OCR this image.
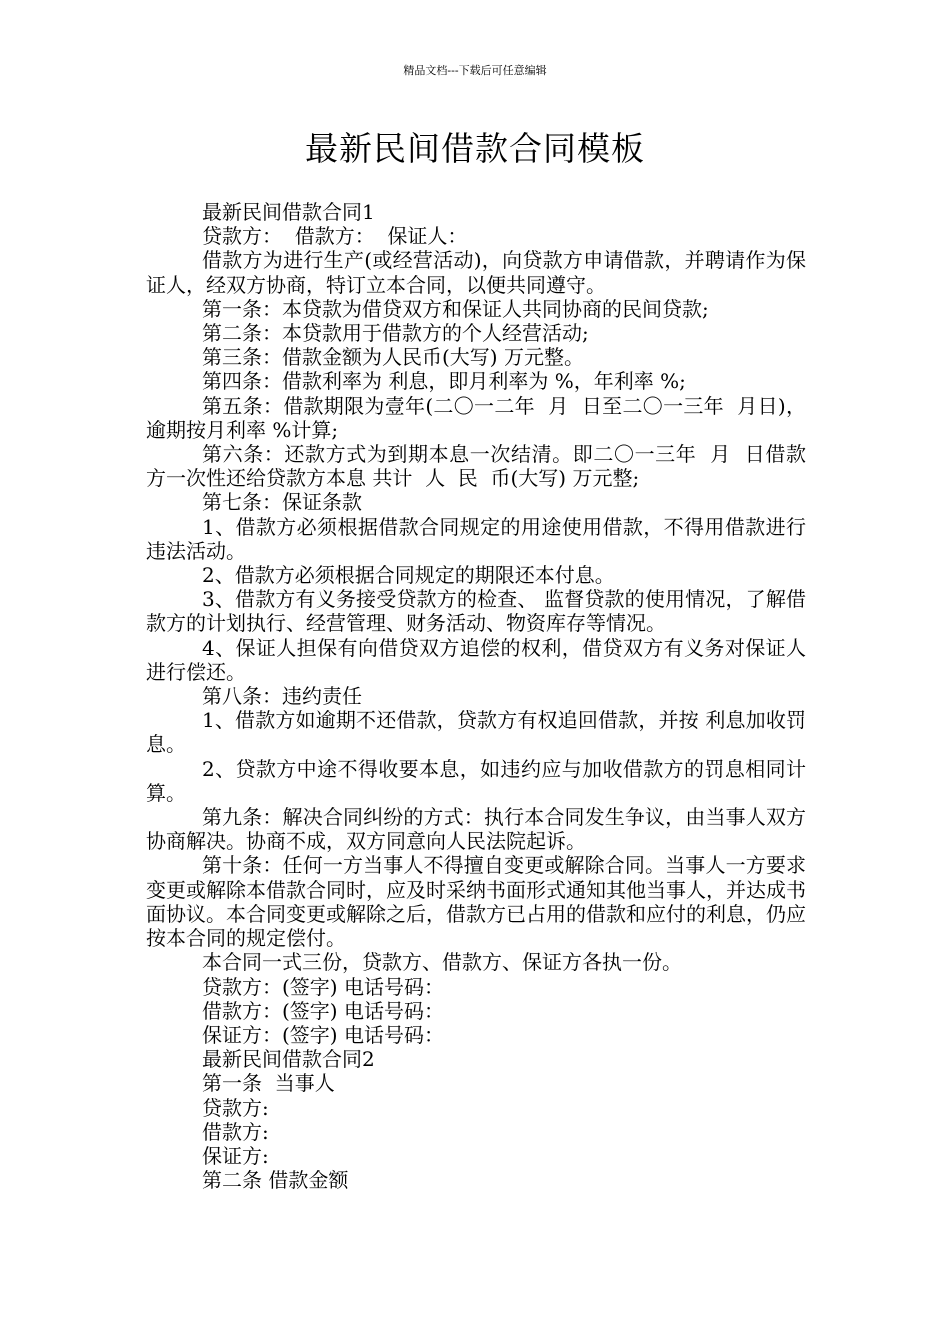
精品文档---下载后可任意编辑
最新民间借款合同模板

最新民间借款合同1

贷款方：  借款方：  保证人：

借款方为进行生产(或经营活动)，向贷款方申请借款，并聘请作为保证人，经双方协商，特订立本合同，以便共同遵守。

第一条：本贷款为借贷双方和保证人共同协商的民间贷款;

第二条：本贷款用于借款方的个人经营活动;

第三条：借款金额为人民币(大写) 万元整。

第四条：借款利率为 利息，即月利率为 %，年利率 %;

第五条：借款期限为壹年(二〇一二年  月  日至二〇一三年  月日)，逾期按月利率 %计算;

第六条：还款方式为到期本息一次结清。即二〇一三年  月  日借款方一次性还给贷款方本息 共计  人  民  币(大写) 万元整;

第七条：保证条款

1、借款方必须根据借款合同规定的用途使用借款，不得用借款进行违法活动。

2、借款方必须根据合同规定的期限还本付息。

3、借款方有义务接受贷款方的检查、 监督贷款的使用情况，了解借款方的计划执行、经营管理、财务活动、物资库存等情况。

4、保证人担保有向借贷双方追偿的权利，借贷双方有义务对保证人进行偿还。

第八条：违约责任

1、借款方如逾期不还借款，贷款方有权追回借款，并按 利息加收罚息。

2、贷款方中途不得收要本息，如违约应与加收借款方的罚息相同计算。

第九条：解决合同纠纷的方式：执行本合同发生争议，由当事人双方协商解决。协商不成，双方同意向人民法院起诉。

第十条：任何一方当事人不得擅自变更或解除合同。当事人一方要求变更或解除本借款合同时，应及时采纳书面形式通知其他当事人，并达成书面协议。本合同变更或解除之后，借款方已占用的借款和应付的利息，仍应按本合同的规定偿付。

本合同一式三份，贷款方、借款方、保证方各执一份。

贷款方：(签字) 电话号码：

借款方：(签字) 电话号码：

保证方：(签字) 电话号码：

最新民间借款合同2

第一条  当事人

贷款方:

借款方:

保证方:

第二条 借款金额
